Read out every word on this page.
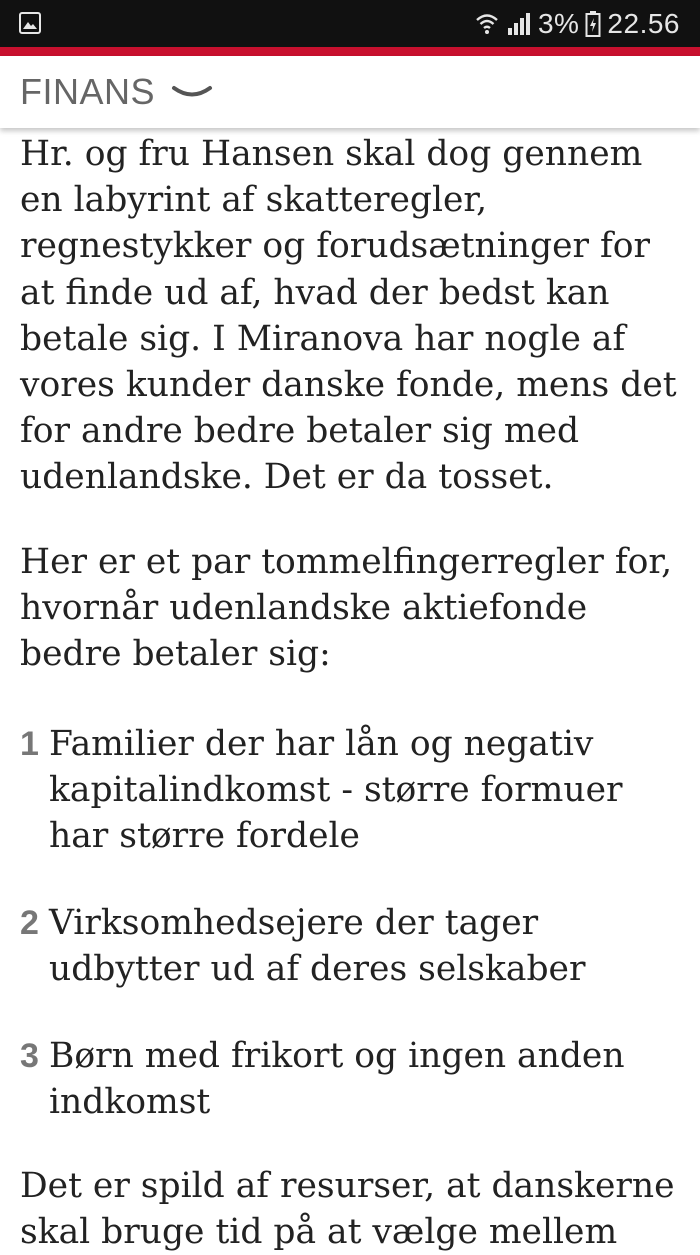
3% 22.56
FINANS

Hr. og fru Hansen skal dog gennem en labyrint af skatteregler, regnestykker og forudsætninger for at finde ud af, hvad der bedst kan betale sig. I Miranova har nogle af vores kunder danske fonde, mens det for andre bedre betaler sig med udenlandske. Det er da tosset.

Her er et par tommelfingerregler for, hvornår udenlandske aktiefonde bedre betaler sig:

1 Familier der har lån og negativ kapitalindkomst - større formuer har større fordele
2 Virksomhedsejere der tager udbytter ud af deres selskaber
3 Børn med frikort og ingen anden indkomst

Det er spild af resurser, at danskerne skal bruge tid på at vælge mellem
